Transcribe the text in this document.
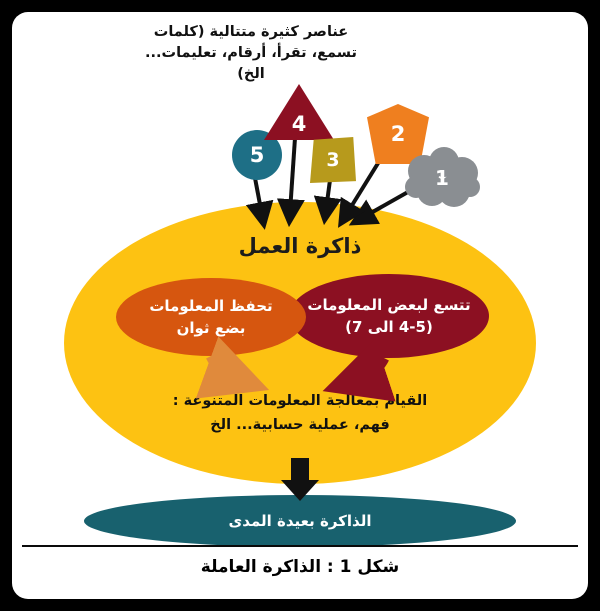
عناصر كثيرة متتالية (كلمات تسمع، تقرأ، أرقام، تعليمات... الخ)
ذاكرة العمل
تتسع لبعض المعلومات
(4-5 الى 7)
تحفظ المعلومات
بضع ثوان
القيام بمعالجة المعلومات المتنوعة :
فهم، عملية حسابية... الخ
الذاكرة بعيدة المدى
5
4
3
2
1
شكل 1 : الذاكرة العاملة
